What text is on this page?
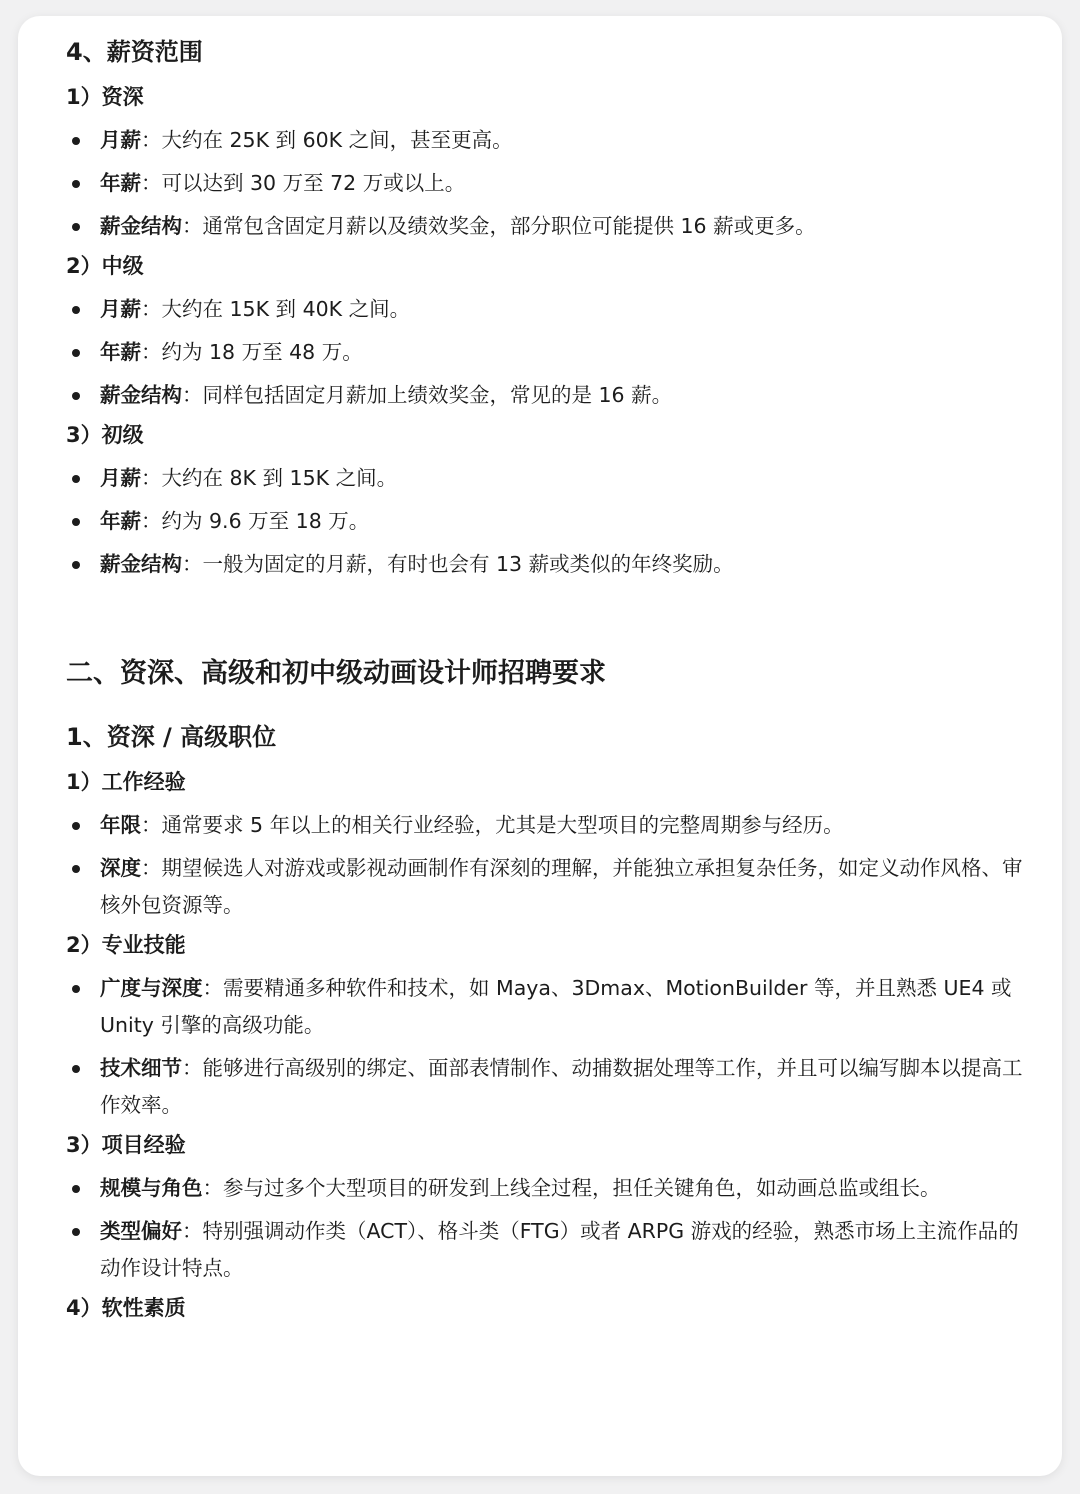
4、薪资范围
1）资深
月薪：大约在 25K 到 60K 之间，甚至更高。
年薪：可以达到 30 万至 72 万或以上。
薪金结构：通常包含固定月薪以及绩效奖金，部分职位可能提供 16 薪或更多。
2）中级
月薪：大约在 15K 到 40K 之间。
年薪：约为 18 万至 48 万。
薪金结构：同样包括固定月薪加上绩效奖金，常见的是 16 薪。
3）初级
月薪：大约在 8K 到 15K 之间。
年薪：约为 9.6 万至 18 万。
薪金结构：一般为固定的月薪，有时也会有 13 薪或类似的年终奖励。
二、资深、高级和初中级动画设计师招聘要求
1、资深 / 高级职位
1）工作经验
年限：通常要求 5 年以上的相关行业经验，尤其是大型项目的完整周期参与经历。
深度：期望候选人对游戏或影视动画制作有深刻的理解，并能独立承担复杂任务，如定义动作风格、审核外包资源等。
2）专业技能
广度与深度：需要精通多种软件和技术，如 Maya、3Dmax、MotionBuilder 等，并且熟悉 UE4 或 Unity 引擎的高级功能。
技术细节：能够进行高级别的绑定、面部表情制作、动捕数据处理等工作，并且可以编写脚本以提高工作效率。
3）项目经验
规模与角色：参与过多个大型项目的研发到上线全过程，担任关键角色，如动画总监或组长。
类型偏好：特别强调动作类（ACT）、格斗类（FTG）或者 ARPG 游戏的经验，熟悉市场上主流作品的动作设计特点。
4）软性素质
